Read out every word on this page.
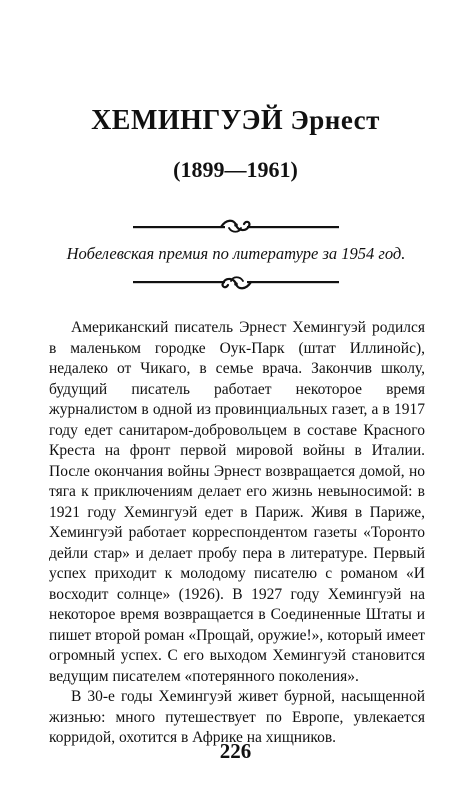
ХЕМИНГУЭЙ Эрнест
(1899—1961)
Нобелевская премия по литературе за 1954 год.

Американский писатель Эрнест Хемингуэй родился в маленьком городке Оук-Парк (штат Иллинойс), недалеко от Чикаго, в семье врача. Закончив школу, будущий писатель работает некоторое время журналистом в одной из провинциальных газет, а в 1917 году едет санитаром-добровольцем в составе Красного Креста на фронт первой мировой войны в Италии. После окончания войны Эрнест возвращается домой, но тяга к приключениям делает его жизнь невыносимой: в 1921 году Хемингуэй едет в Париж. Живя в Париже, Хемингуэй работает корреспондентом газеты «Торонто дейли стар» и делает пробу пера в литературе. Первый успех приходит к молодому писателю с романом «И восходит солнце» (1926). В 1927 году Хемингуэй на некоторое время возвращается в Соединенные Штаты и пишет второй роман «Прощай, оружие!», который имеет огромный успех. С его выходом Хемингуэй становится ведущим писателем «потерянного поколения».

В 30-е годы Хемингуэй живет бурной, насыщенной жизнью: много путешествует по Европе, увлекается корридой, охотится в Африке на хищников.

226
